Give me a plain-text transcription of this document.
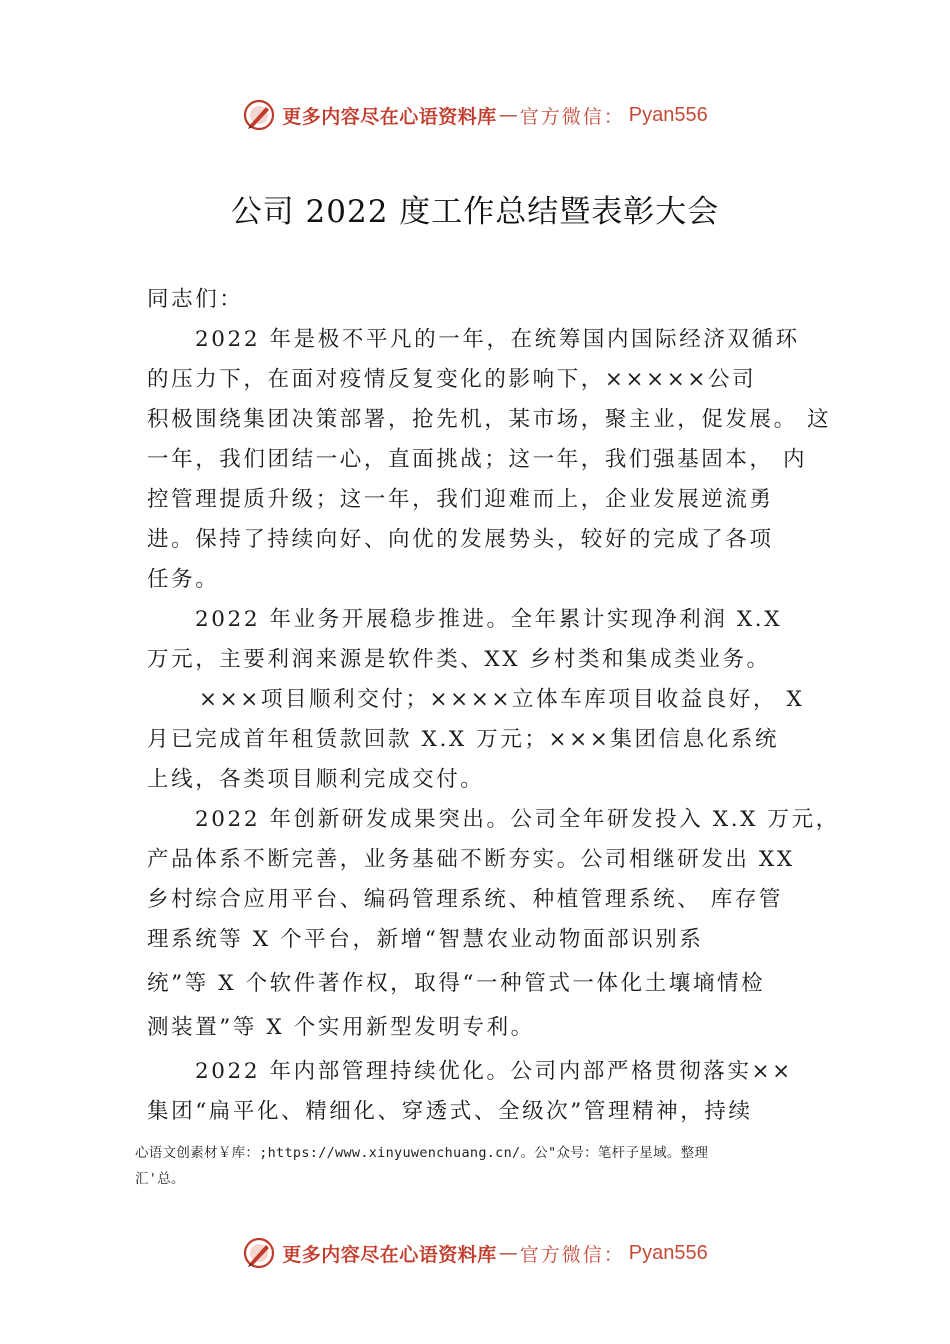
更多内容尽在心语资料库 — 官方微信： Pyan556
公司 2022 度工作总结暨表彰大会
同志们：
2022 年是极不平凡的一年，在统筹国内国际经济双循环
的压力下，在面对疫情反复变化的影响下，×××××公司
积极围绕集团决策部署，抢先机，某市场，聚主业，促发展。 这
一年，我们团结一心，直面挑战；这一年，我们强基固本， 内
控管理提质升级；这一年，我们迎难而上，企业发展逆流勇
进。保持了持续向好、向优的发展势头，较好的完成了各项
任务。
2022 年业务开展稳步推进。全年累计实现净利润 X.X
万元，主要利润来源是软件类、XX 乡村类和集成类业务。
×××项目顺利交付；××××立体车库项目收益良好， X
月已完成首年租赁款回款 X.X 万元；×××集团信息化系统
上线，各类项目顺利完成交付。
2022 年创新研发成果突出。公司全年研发投入 X.X 万元，
产品体系不断完善，业务基础不断夯实。公司相继研发出 XX
乡村综合应用平台、编码管理系统、种植管理系统、 库存管
理系统等 X 个平台，新增“智慧农业动物面部识别系
统”等 X 个软件著作权，取得“一种管式一体化土壤墒情检
测装置”等 X 个实用新型发明专利。
2022 年内部管理持续优化。公司内部严格贯彻落实××
集团“扁平化、精细化、穿透式、全级次”管理精神，持续
心语文创素材￥库：;https://www.xinyuwenchuang.cn/。公"众号：笔杆子星域。整理
汇'总。
更多内容尽在心语资料库 — 官方微信： Pyan556
